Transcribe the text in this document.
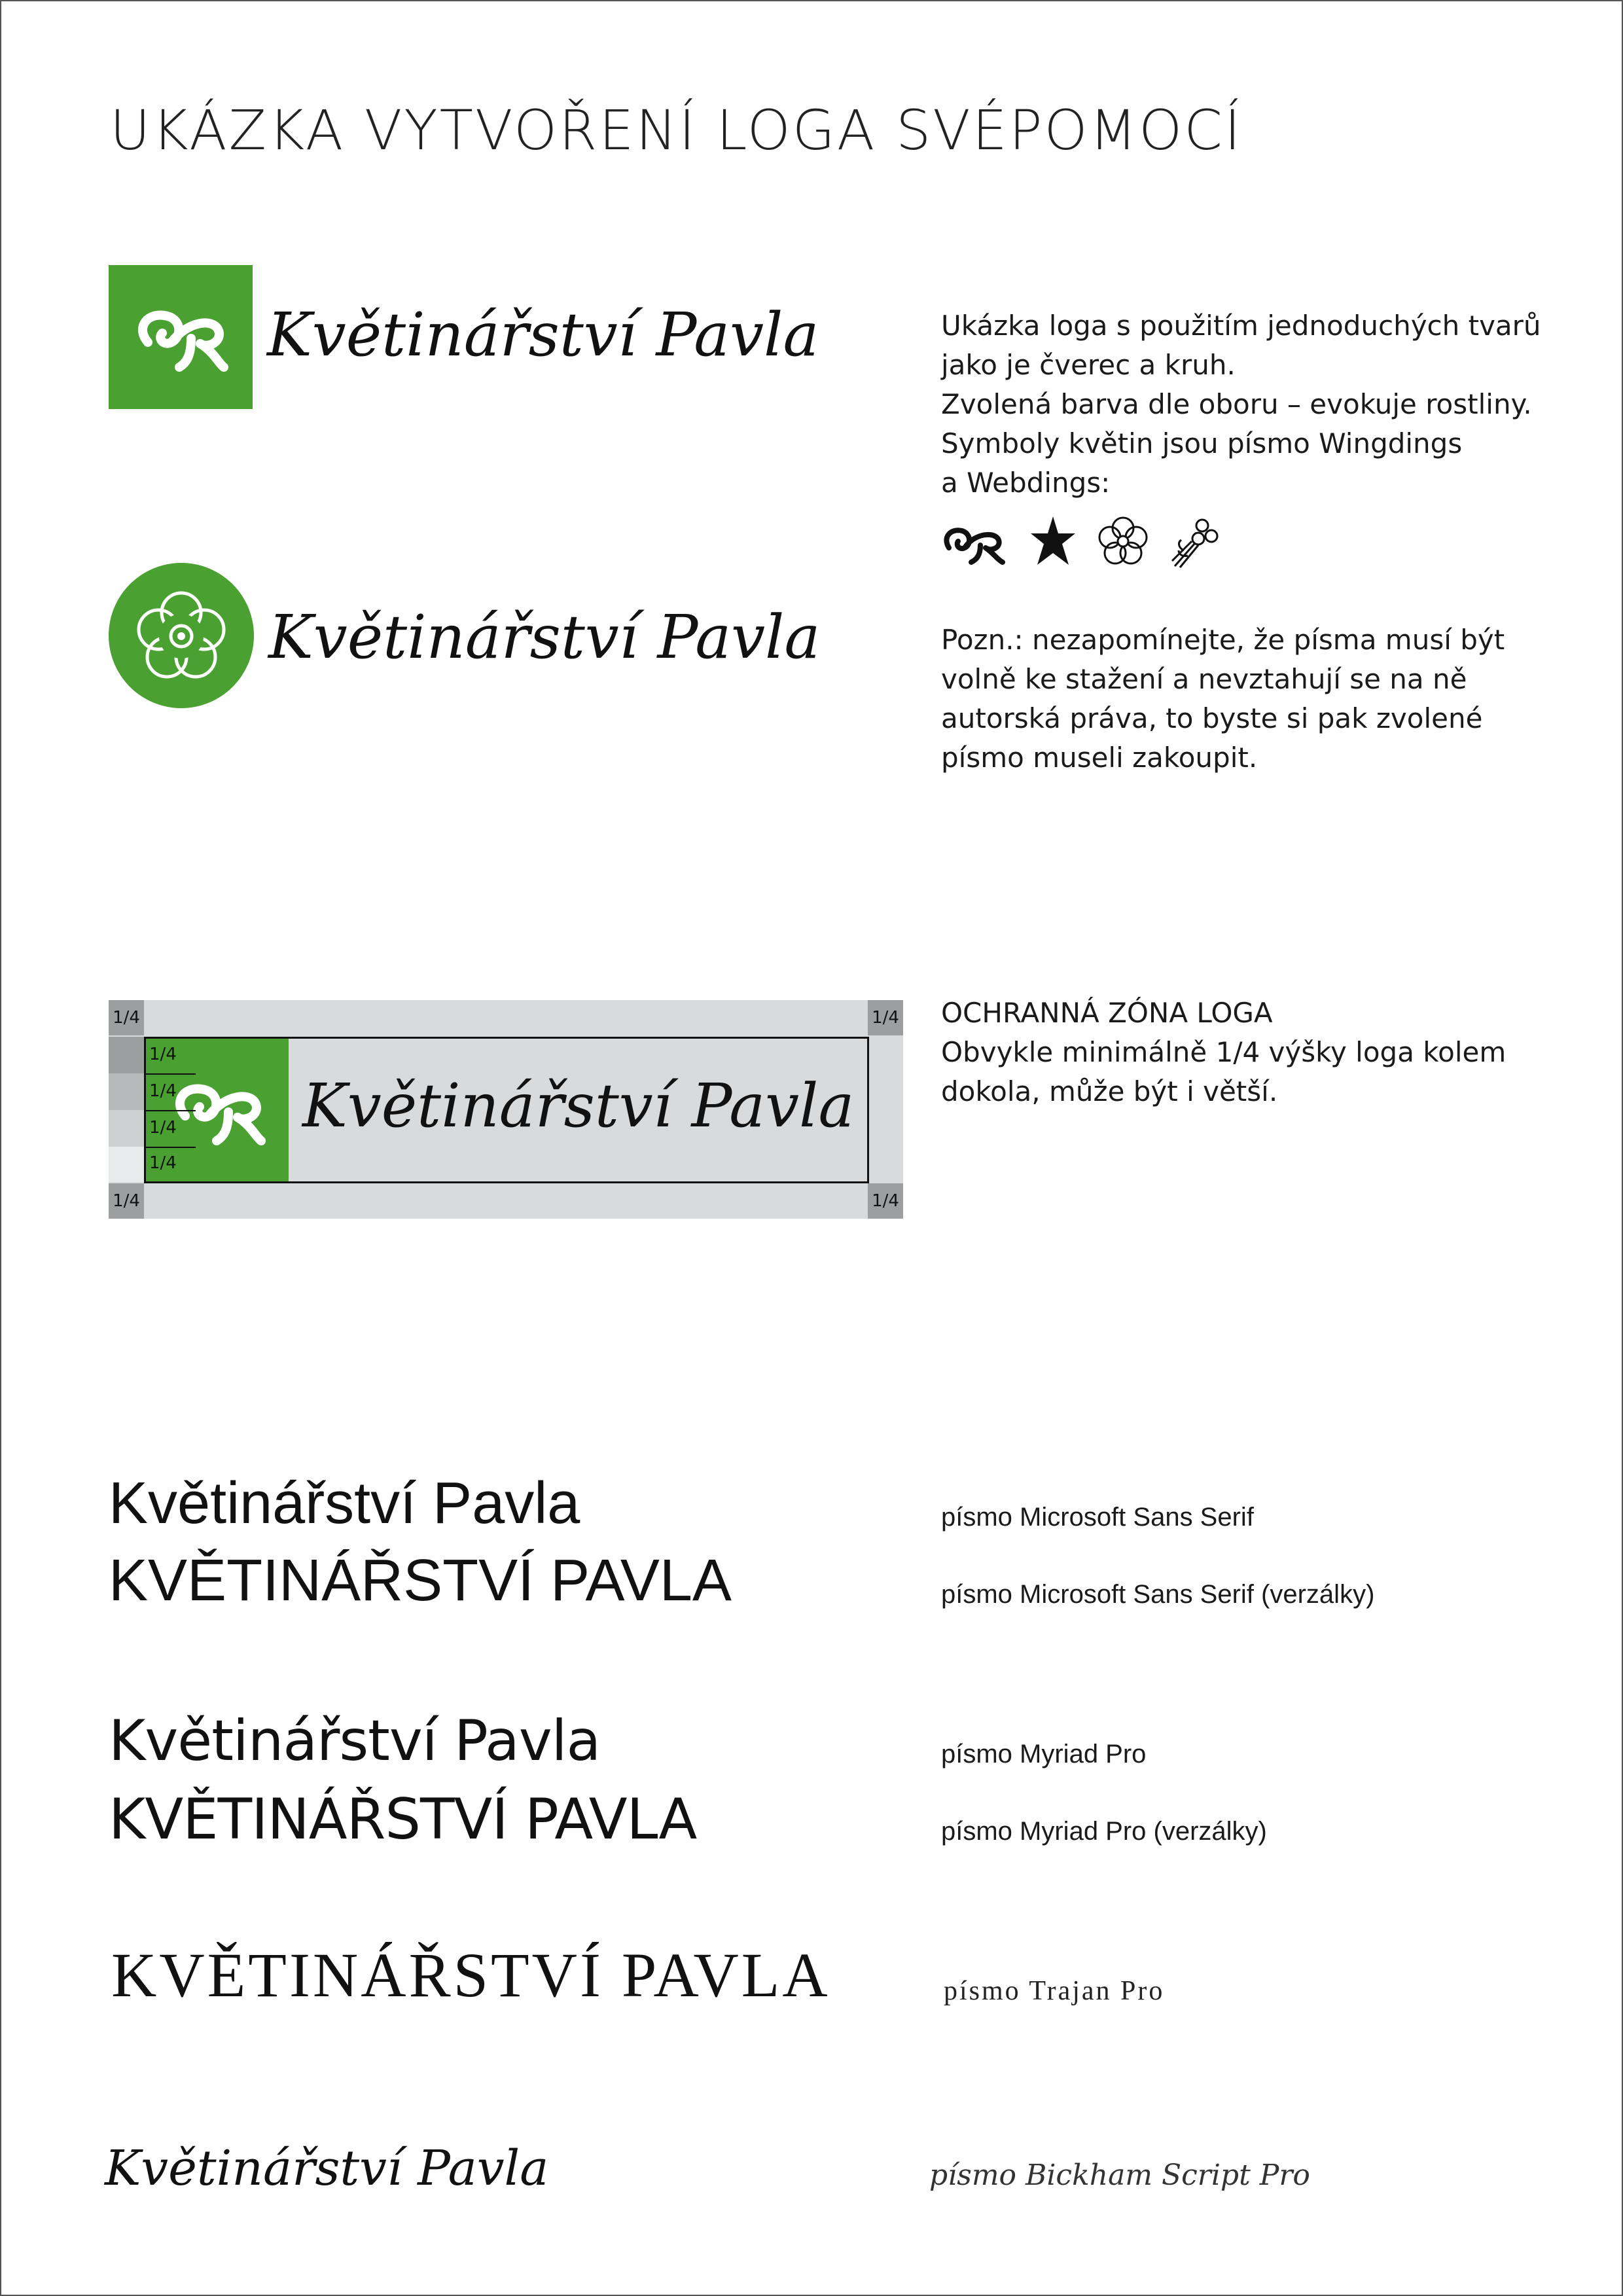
UKÁZKA VYTVOŘENÍ LOGA SVÉPOMOCÍ
Květinářství Pavla
Květinářství Pavla

Ukázka loga s použitím jednoduchých tvarů

jako je čverec a kruh.

Zvolená barva dle oboru – evokuje rostliny.

Symboly květin jsou písmo Wingdings

a Webdings:

Pozn.: nezapomínejte, že písma musí být

volně ke stažení a nevztahují se na ně

autorská práva, to byste si pak zvolené

písmo museli zakoupit.

1/4	1/4
1/4	1/4
Květinářství Pavla
1/4
1/4
1/4
1/4

OCHRANNÁ ZÓNA LOGA

Obvykle minimálně 1/4 výšky loga kolem

dokola, může být i větší.

Květinářství Pavla	písmo Microsoft Sans Serif
KVĚTINÁŘSTVÍ PAVLA	písmo Microsoft Sans Serif (verzálky)
Květinářství Pavla	písmo Myriad Pro
KVĚTINÁŘSTVÍ PAVLA	písmo Myriad Pro (verzálky)
KVĚTINÁŘSTVÍ PAVLA	písmo Trajan Pro
Květinářství Pavla	písmo Bickham Script Pro
